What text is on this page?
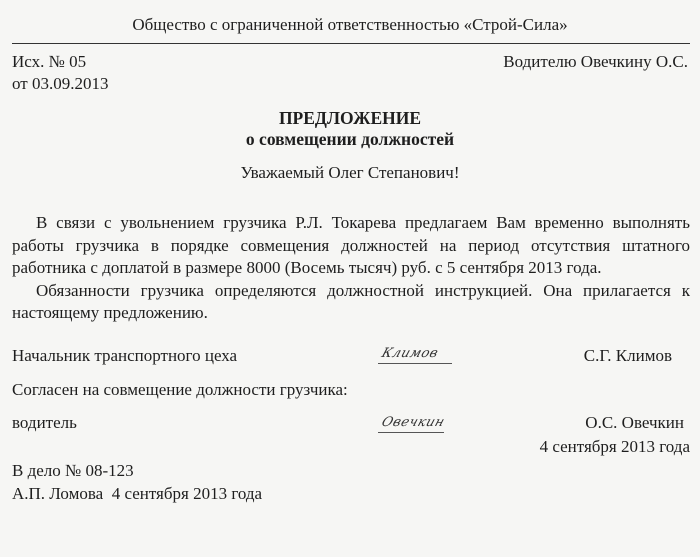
Общество с ограниченной ответственностью «Строй-Сила»
Исх. № 05
от 03.09.2013
Водителю Овечкину О.С.
ПРЕДЛОЖЕНИЕ
о совмещении должностей
Уважаемый Олег Степанович!

В связи с увольнением грузчика Р.Л. Токарева предлагаем Вам временно выполнять работы грузчика в порядке совмещения должностей на период отсутствия штатного работника с доплатой в размере 8000 (Восемь тысяч) руб. с 5 сентября 2013 года.

Обязанности грузчика определяются должностной инструкцией. Она прилагается к настоящему предложению.

Начальник транспортного цеха	Климов	С.Г. Климов
Согласен на совмещение должности грузчика:
водитель	Овечкин	О.С. Овечкин
4 сентября 2013 года
В дело № 08-123
А.П. Ломова  4 сентября 2013 года
